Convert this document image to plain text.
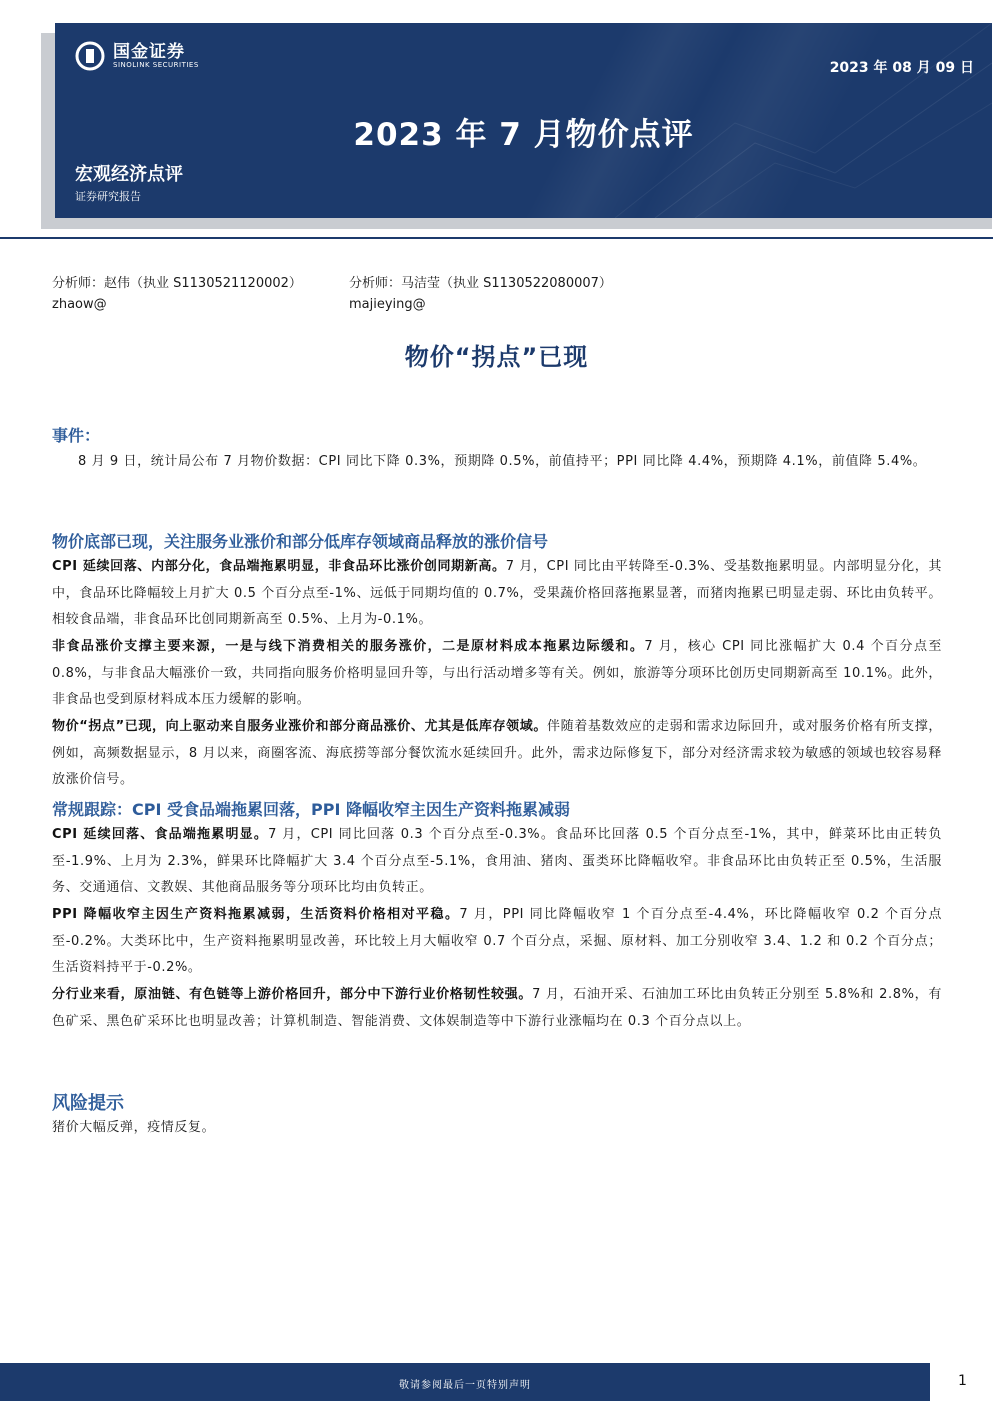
国金证券
SINOLINK SECURITIES	2023 年 08 月 09 日
2023 年 7 月物价点评
宏观经济点评
证券研究报告
分析师：赵伟（执业 S1130521120002）
zhaow@
分析师：马洁莹（执业 S1130522080007）
majieying@
物价“拐点”已现
事件：
8 月 9 日，统计局公布 7 月物价数据：CPI 同比下降 0.3%，预期降 0.5%，前值持平；PPI 同比降 4.4%，预期降 4.1%，前值降 5.4%。
物价底部已现，关注服务业涨价和部分低库存领域商品释放的涨价信号
CPI 延续回落、内部分化，食品端拖累明显，非食品环比涨价创同期新高。7 月，CPI 同比由平转降至-0.3%、受基数拖累明显。内部明显分化，其中，食品环比降幅较上月扩大 0.5 个百分点至-1%、远低于同期均值的 0.7%，受果蔬价格回落拖累显著，而猪肉拖累已明显走弱、环比由负转平。相较食品端，非食品环比创同期新高至 0.5%、上月为-0.1%。
非食品涨价支撑主要来源，一是与线下消费相关的服务涨价，二是原材料成本拖累边际缓和。7 月，核心 CPI 同比涨幅扩大 0.4 个百分点至 0.8%，与非食品大幅涨价一致，共同指向服务价格明显回升等，与出行活动增多等有关。例如，旅游等分项环比创历史同期新高至 10.1%。此外，非食品也受到原材料成本压力缓解的影响。
物价“拐点”已现，向上驱动来自服务业涨价和部分商品涨价、尤其是低库存领域。伴随着基数效应的走弱和需求边际回升，或对服务价格有所支撑，例如，高频数据显示，8 月以来，商圈客流、海底捞等部分餐饮流水延续回升。此外，需求边际修复下，部分对经济需求较为敏感的领域也较容易释放涨价信号。
常规跟踪：CPI 受食品端拖累回落，PPI 降幅收窄主因生产资料拖累减弱
CPI 延续回落、食品端拖累明显。7 月，CPI 同比回落 0.3 个百分点至-0.3%。食品环比回落 0.5 个百分点至-1%，其中，鲜菜环比由正转负至-1.9%、上月为 2.3%，鲜果环比降幅扩大 3.4 个百分点至-5.1%，食用油、猪肉、蛋类环比降幅收窄。非食品环比由负转正至 0.5%，生活服务、交通通信、文教娱、其他商品服务等分项环比均由负转正。
PPI 降幅收窄主因生产资料拖累减弱，生活资料价格相对平稳。7 月，PPI 同比降幅收窄 1 个百分点至-4.4%，环比降幅收窄 0.2 个百分点至-0.2%。大类环比中，生产资料拖累明显改善，环比较上月大幅收窄 0.7 个百分点，采掘、原材料、加工分别收窄 3.4、1.2 和 0.2 个百分点；生活资料持平于-0.2%。
分行业来看，原油链、有色链等上游价格回升，部分中下游行业价格韧性较强。7 月，石油开采、石油加工环比由负转正分别至 5.8%和 2.8%，有色矿采、黑色矿采环比也明显改善；计算机制造、智能消费、文体娱制造等中下游行业涨幅均在 0.3 个百分点以上。
风险提示
猪价大幅反弹，疫情反复。
敬请参阅最后一页特别声明	1
